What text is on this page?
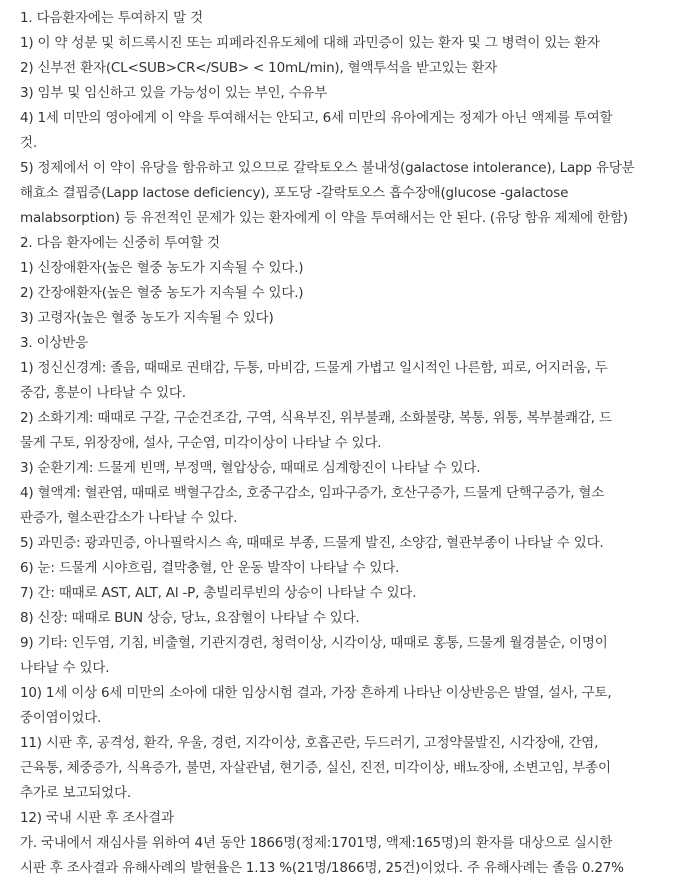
1. 다음환자에는 투여하지 말 것
1) 이 약 성분 및 히드록시진 또는 피페라진유도체에 대해 과민증이 있는 환자 및 그 병력이 있는 환자
2) 신부전 환자(CL<SUB>CR</SUB> < 10mL/min), 혈액투석을 받고있는 환자
3) 임부 및 임신하고 있을 가능성이 있는 부인, 수유부
4) 1세 미만의 영아에게 이 약을 투여해서는 안되고, 6세 미만의 유아에게는 정제가 아닌 액제를 투여할
것.
5) 정제에서 이 약이 유당을 함유하고 있으므로 갈락토오스 불내성(galactose intolerance), Lapp 유당분
해효소 결핍증(Lapp lactose deficiency), 포도당 -갈락토오스 흡수장애(glucose -galactose
malabsorption) 등 유전적인 문제가 있는 환자에게 이 약을 투여해서는 안 된다. (유당 함유 제제에 한함)
2. 다음 환자에는 신중히 투여할 것
1) 신장애환자(높은 혈중 농도가 지속될 수 있다.)
2) 간장애환자(높은 혈중 농도가 지속될 수 있다.)
3) 고령자(높은 혈중 농도가 지속될 수 있다)
3. 이상반응
1) 정신신경계: 졸음, 때때로 권태감, 두통, 마비감, 드물게 가볍고 일시적인 나른함, 피로, 어지러움, 두
중감, 흥분이 나타날 수 있다.
2) 소화기계: 때때로 구갈, 구순건조감, 구역, 식욕부진, 위부불쾌, 소화불량, 복통, 위통, 복부불쾌감, 드
물게 구토, 위장장애, 설사, 구순염, 미각이상이 나타날 수 있다.
3) 순환기계: 드물게 빈맥, 부정맥, 혈압상승, 때때로 심계항진이 나타날 수 있다.
4) 혈액계: 혈관염, 때때로 백혈구감소, 호중구감소, 임파구증가, 호산구증가, 드물게 단핵구증가, 혈소
판증가, 혈소판감소가 나타날 수 있다.
5) 과민증: 광과민증, 아나필락시스 쇽, 때때로 부종, 드물게 발진, 소양감, 혈관부종이 나타날 수 있다.
6) 눈: 드물게 시야흐림, 결막충혈, 안 운동 발작이 나타날 수 있다.
7) 간: 때때로 AST, ALT, Al -P, 총빌리루빈의 상승이 나타날 수 있다.
8) 신장: 때때로 BUN 상승, 당뇨, 요잠혈이 나타날 수 있다.
9) 기타: 인두염, 기침, 비출혈, 기관지경련, 청력이상, 시각이상, 때때로 홍통, 드물게 월경불순, 이명이
나타날 수 있다.
10) 1세 이상 6세 미만의 소아에 대한 임상시험 결과, 가장 흔하게 나타난 이상반응은 발열, 설사, 구토,
중이염이었다.
11) 시판 후, 공격성, 환각, 우울, 경련, 지각이상, 호흡곤란, 두드러기, 고정약물발진, 시각장애, 간염,
근육통, 체중증가, 식욕증가, 불면, 자살관념, 현기증, 실신, 진전, 미각이상, 배뇨장애, 소변고임, 부종이
추가로 보고되었다.
12) 국내 시판 후 조사결과
가. 국내에서 재심사를 위하여 4년 동안 1866명(정제:1701명, 액제:165명)의 환자를 대상으로 실시한
시판 후 조사결과 유해사례의 발현율은 1.13 %(21명/1866명, 25건)이었다. 주 유해사례는 졸음 0.27%
